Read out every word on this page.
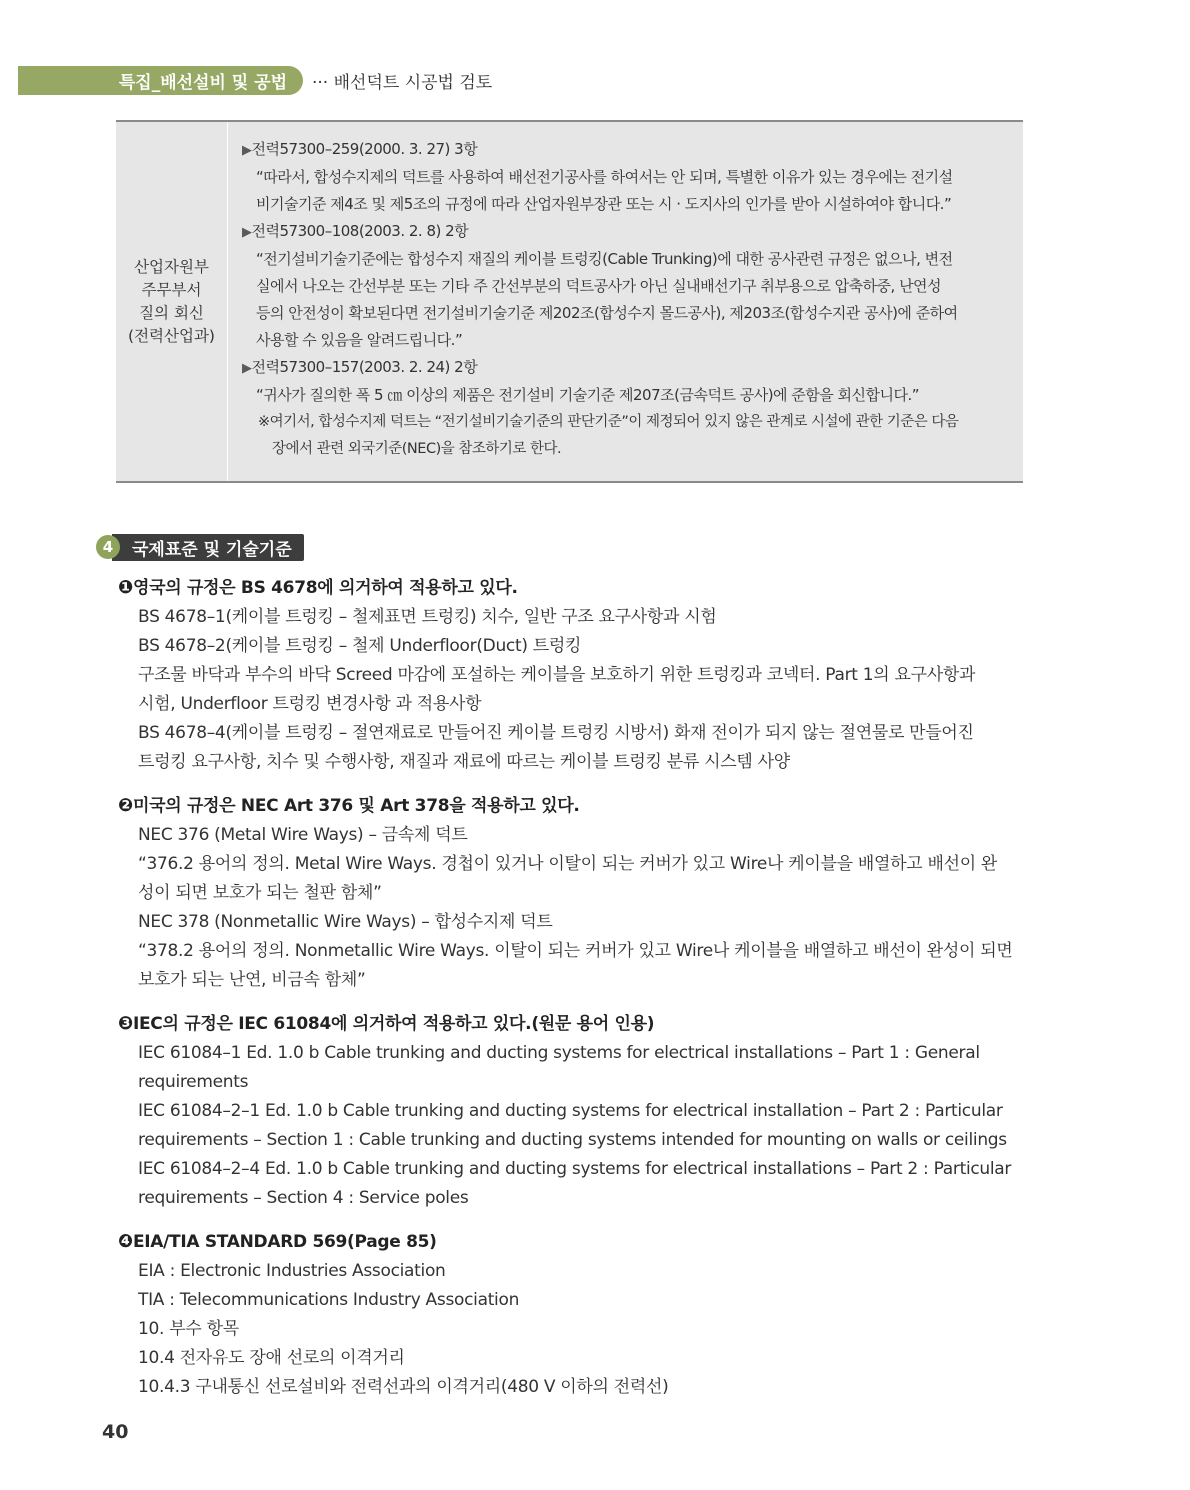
특집_배선설비 및 공법	··· 배선덕트 시공법 검토
산업자원부
주무부서
질의 회신
(전력산업과)
▶전력57300–259(2000. 3. 27) 3항
“따라서, 합성수지제의 덕트를 사용하여 배선전기공사를 하여서는 안 되며, 특별한 이유가 있는 경우에는 전기설
비기술기준 제4조 및 제5조의 규정에 따라 산업자원부장관 또는 시 · 도지사의 인가를 받아 시설하여야 합니다.”
▶전력57300–108(2003. 2. 8) 2항
“전기설비기술기준에는 합성수지 재질의 케이블 트렁킹(Cable Trunking)에 대한 공사관련 규정은 없으나, 변전
실에서 나오는 간선부분 또는 기타 주 간선부분의 덕트공사가 아닌 실내배선기구 취부용으로 압축하중, 난연성
등의 안전성이 확보된다면 전기설비기술기준 제202조(합성수지 몰드공사), 제203조(합성수지관 공사)에 준하여
사용할 수 있음을 알려드립니다.”
▶전력57300–157(2003. 2. 24) 2항
“귀사가 질의한 폭 5 ㎝ 이상의 제품은 전기설비 기술기준 제207조(금속덕트 공사)에 준함을 회신합니다.”
※여기서, 합성수지제 덕트는 “전기설비기술기준의 판단기준”이 제정되어 있지 않은 관계로 시설에 관한 기준은 다음
장에서 관련 외국기준(NEC)을 참조하기로 한다.
4	국제표준 및 기술기준
❶영국의 규정은 BS 4678에 의거하여 적용하고 있다.
BS 4678–1(케이블 트렁킹 – 철제표면 트렁킹) 치수, 일반 구조 요구사항과 시험
BS 4678–2(케이블 트렁킹 – 철제 Underfloor(Duct) 트렁킹
구조물 바닥과 부수의 바닥 Screed 마감에 포설하는 케이블을 보호하기 위한 트렁킹과 코넥터. Part 1의 요구사항과
시험, Underfloor 트렁킹 변경사항 과 적용사항
BS 4678–4(케이블 트렁킹 – 절연재료로 만들어진 케이블 트렁킹 시방서) 화재 전이가 되지 않는 절연물로 만들어진
트렁킹 요구사항, 치수 및 수행사항, 재질과 재료에 따르는 케이블 트렁킹 분류 시스템 사양
❷미국의 규정은 NEC Art 376 및 Art 378을 적용하고 있다.
NEC 376 (Metal Wire Ways) – 금속제 덕트
“376.2 용어의 정의. Metal Wire Ways. 경첩이 있거나 이탈이 되는 커버가 있고 Wire나 케이블을 배열하고 배선이 완
성이 되면 보호가 되는 철판 함체”
NEC 378 (Nonmetallic Wire Ways) – 합성수지제 덕트
“378.2 용어의 정의. Nonmetallic Wire Ways. 이탈이 되는 커버가 있고 Wire나 케이블을 배열하고 배선이 완성이 되면
보호가 되는 난연, 비금속 함체”
❸IEC의 규정은 IEC 61084에 의거하여 적용하고 있다.(원문 용어 인용)
IEC 61084–1 Ed. 1.0 b Cable trunking and ducting systems for electrical installations – Part 1 : General
requirements
IEC 61084–2–1 Ed. 1.0 b Cable trunking and ducting systems for electrical installation – Part 2 : Particular
requirements – Section 1 : Cable trunking and ducting systems intended for mounting on walls or ceilings
IEC 61084–2–4 Ed. 1.0 b Cable trunking and ducting systems for electrical installations – Part 2 : Particular
requirements – Section 4 : Service poles
❹EIA/TIA STANDARD 569(Page 85)
EIA : Electronic Industries Association
TIA : Telecommunications Industry Association
10. 부수 항목
10.4 전자유도 장애 선로의 이격거리
10.4.3 구내통신 선로설비와 전력선과의 이격거리(480 V 이하의 전력선)
40
